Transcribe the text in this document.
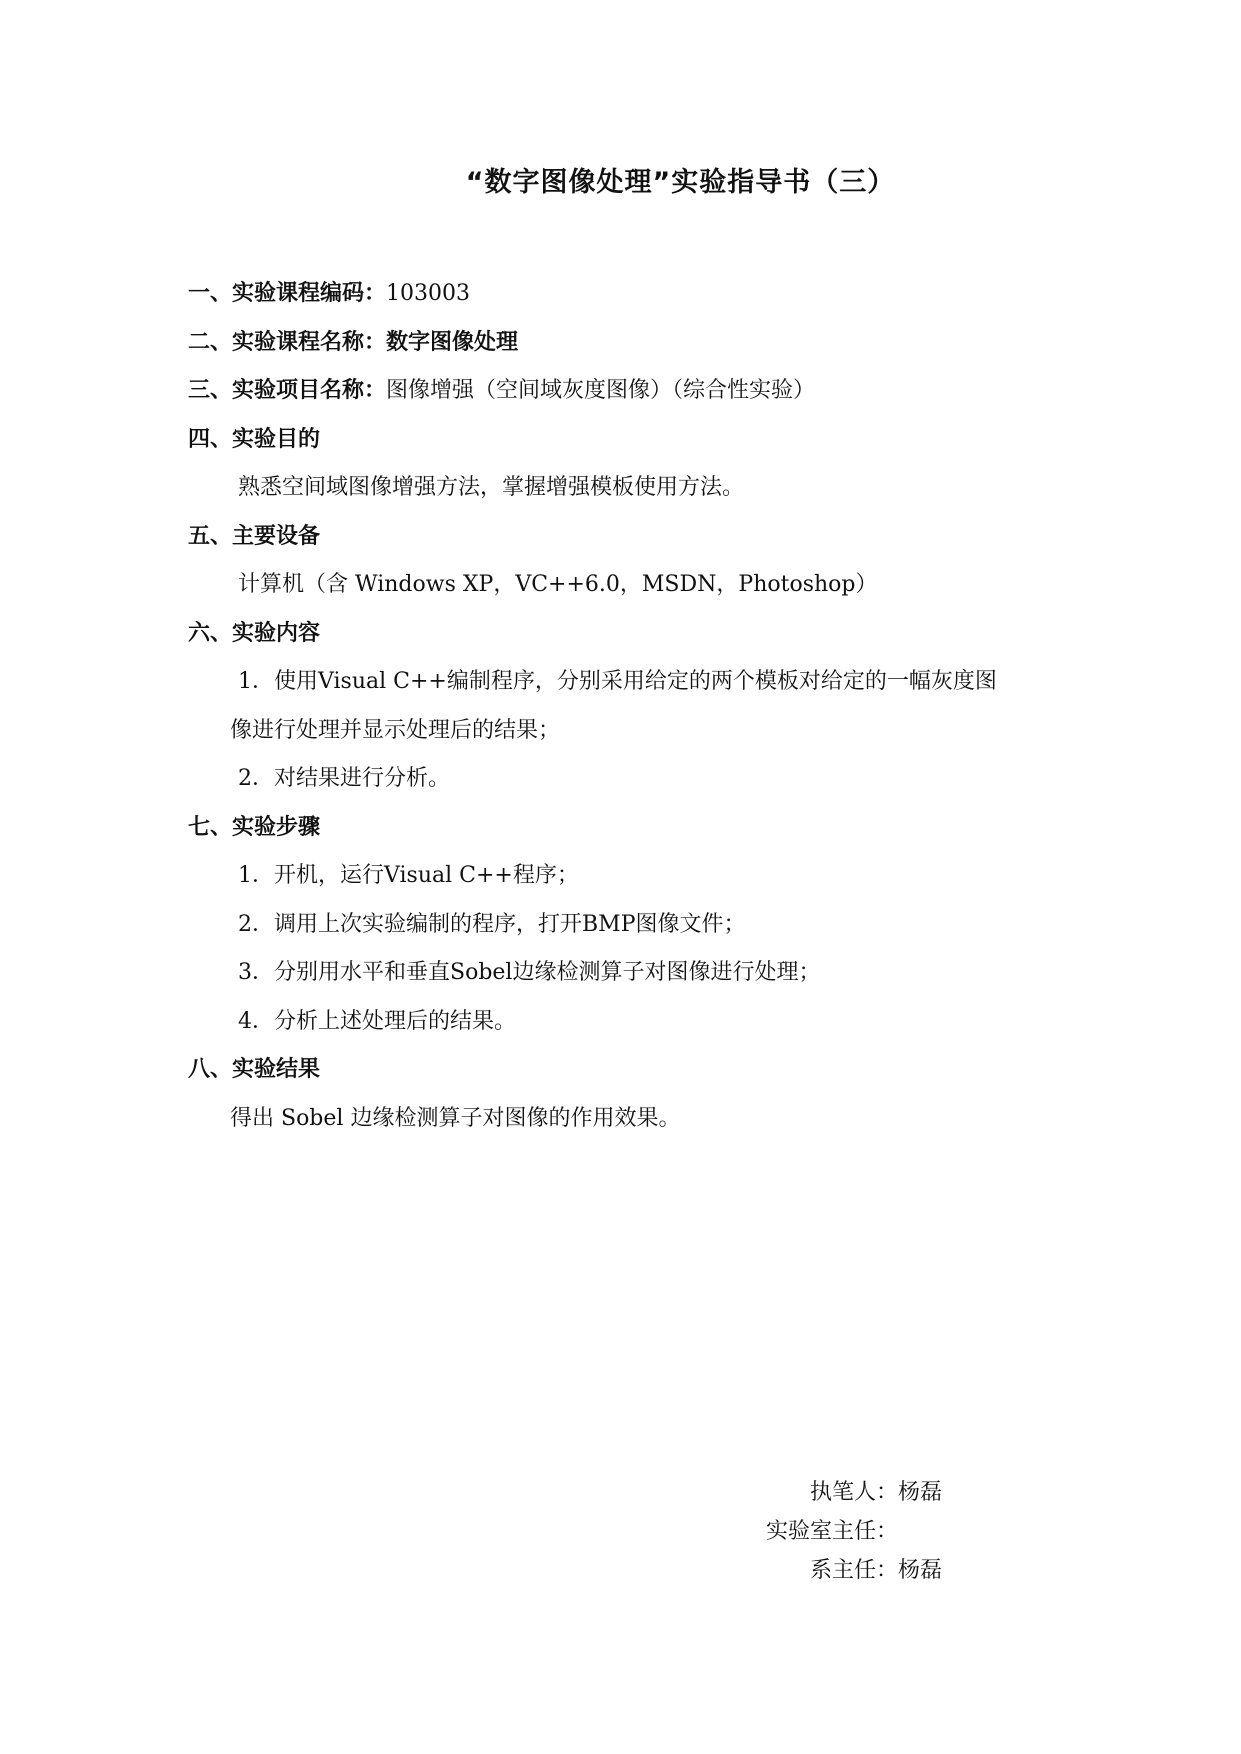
“数字图像处理”实验指导书（三）
一、实验课程编码：103003
二、实验课程名称：数字图像处理
三、实验项目名称：图像增强（空间域灰度图像）（综合性实验）
四、实验目的
熟悉空间域图像增强方法，掌握增强模板使用方法。
五、主要设备
计算机（含 Windows XP，VC++6.0，MSDN，Photoshop）
六、实验内容
1．使用Visual C++编制程序，分别采用给定的两个模板对给定的一幅灰度图
像进行处理并显示处理后的结果；
2．对结果进行分析。
七、实验步骤
1．开机，运行Visual C++程序；
2．调用上次实验编制的程序，打开BMP图像文件；
3．分别用水平和垂直Sobel边缘检测算子对图像进行处理；
4．分析上述处理后的结果。
八、实验结果
得出 Sobel 边缘检测算子对图像的作用效果。
执笔人：杨磊
实验室主任：
系主任：杨磊
